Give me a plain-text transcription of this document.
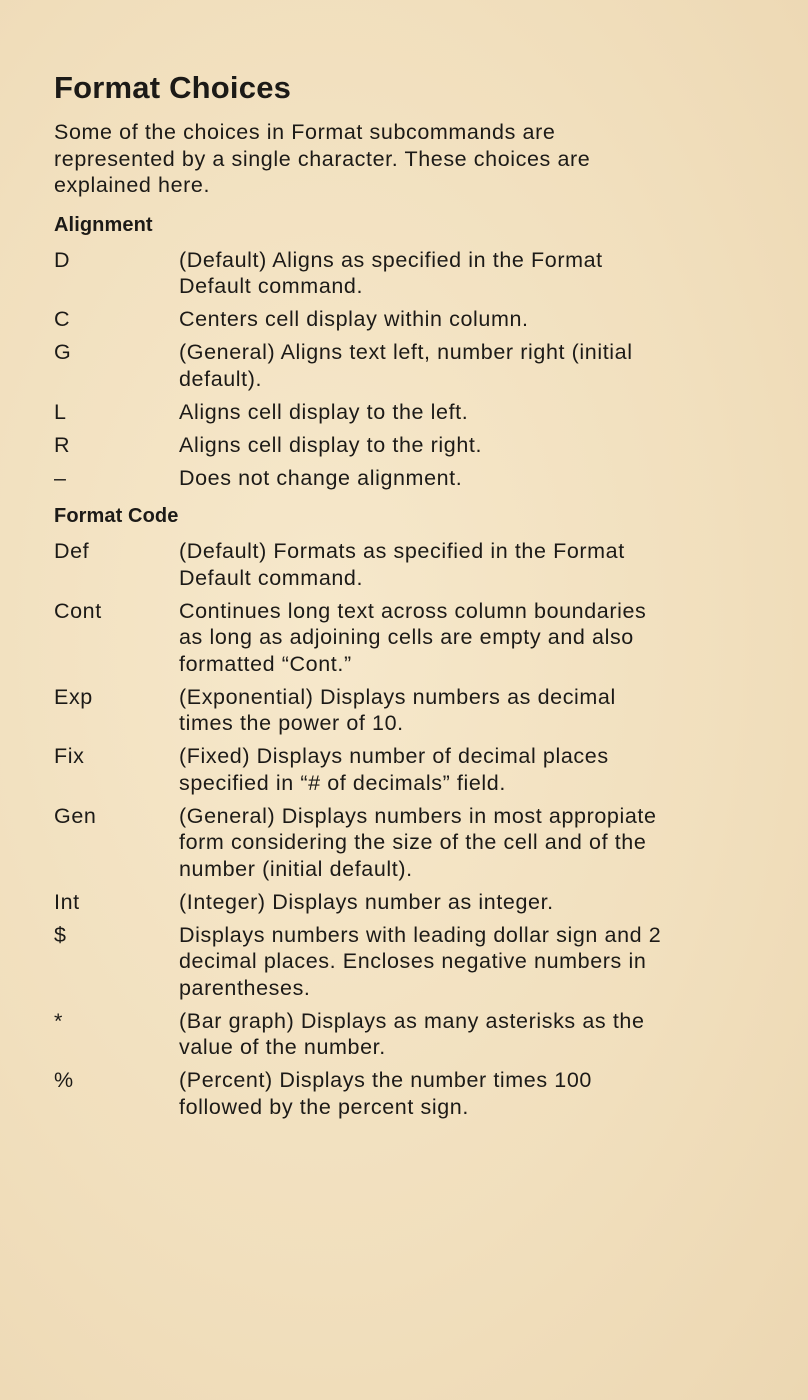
Format Choices
Some of the choices in Format subcommands are
represented by a single character. These choices are
explained here.
Alignment
D	(Default) Aligns as specified in the Format
Default command.
C	Centers cell display within column.
G	(General) Aligns text left, number right (initial
default).
L	Aligns cell display to the left.
R	Aligns cell display to the right.
–	Does not change alignment.
Format Code
Def	(Default) Formats as specified in the Format
Default command.
Cont	Continues long text across column boundaries
as long as adjoining cells are empty and also
formatted “Cont.”
Exp	(Exponential) Displays numbers as decimal
times the power of 10.
Fix	(Fixed) Displays number of decimal places
specified in “# of decimals” field.
Gen	(General) Displays numbers in most appropiate
form considering the size of the cell and of the
number (initial default).
Int	(Integer) Displays number as integer.
$	Displays numbers with leading dollar sign and 2
decimal places. Encloses negative numbers in
parentheses.
*	(Bar graph) Displays as many asterisks as the
value of the number.
%	(Percent) Displays the number times 100
followed by the percent sign.
